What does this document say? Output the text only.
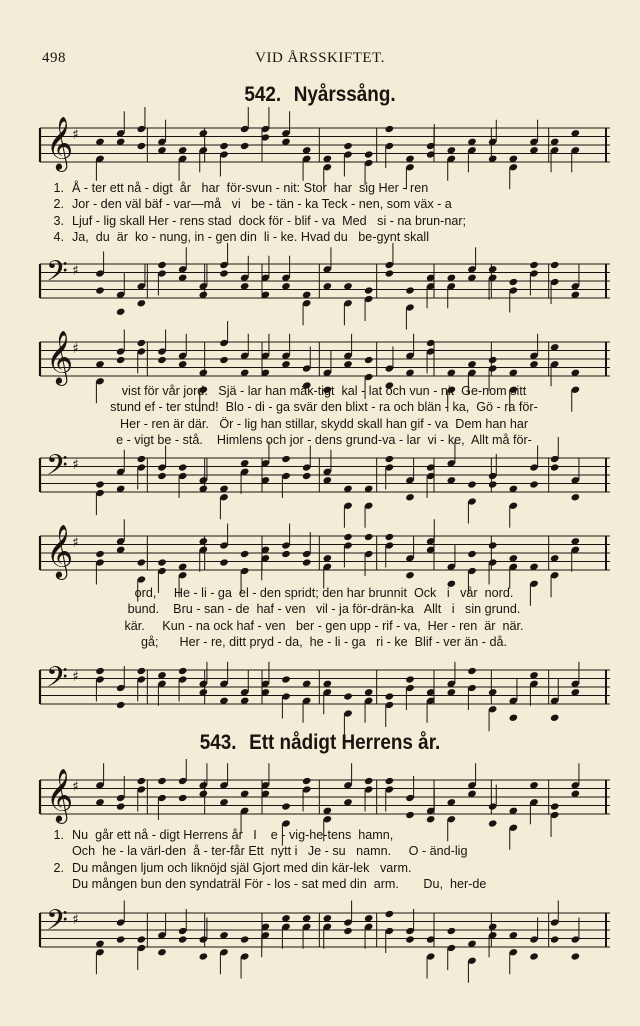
498	VID ÅRSSKIFTET.
542. Nyårssång.
𝄞
♯
1. Å - ter ett nå - digt  år   har  för-svun - nit: Stor  har  sig Her - ren
2. Jor - den väl bäf - var—må   vi   be - tän - ka Teck - nen, som väx - a
3. Ljuf - lig skall Her - rens stad  dock för - blif - va  Med   si - na brun-nar;
4. Ja,  du  är  ko - nung, in - gen din  li - ke. Hvad du   be-gynt skall
𝄢 ♯
𝄞
♯
vist för vår jord.   Sjä - lar han mäk-tigt  kal - lat och vun - nit  Ge-nom sitt
stund ef - ter stund!  Blo - di - ga svär den blixt - ra och blän - ka,  Gö - ra för-
Her - ren är där.   Ör - lig han stillar, skydd skall han gif - va  Dem han har
e - vigt be - stå.    Himlens och jor - dens grund-va - lar  vi - ke,  Allt må för-
𝄢 ♯
𝄞
♯
ord,     He - li - ga  el - den spridt; den har brunnit  Ock   i   vår  nord.
bund.    Bru - san - de  haf - ven   vil - ja för-drän-ka   Allt   i   sin grund.
kär.     Kun - na ock haf - ven   ber - gen upp - rif - va,  Her - ren  är  när.
gå;      Her - re, ditt pryd - da,  he - li - ga   ri - ke  Blif - ver än - då.
𝄢 ♯
543. Ett nådigt Herrens år.
𝄞
♯
1. Nu  går ett nå - digt Herrens år   I    e - vig-he-tens  hamn,
Och  he - la värl-den  å - ter-får Ett  nytt i   Je - su   namn.     O - änd-lig
2. Du mången ljum och liknöjd själ Gjort med din kär-lek   varm.
Du mången bun den syndaträl För - los - sat med din  arm.       Du,  her-de
𝄢 ♯
